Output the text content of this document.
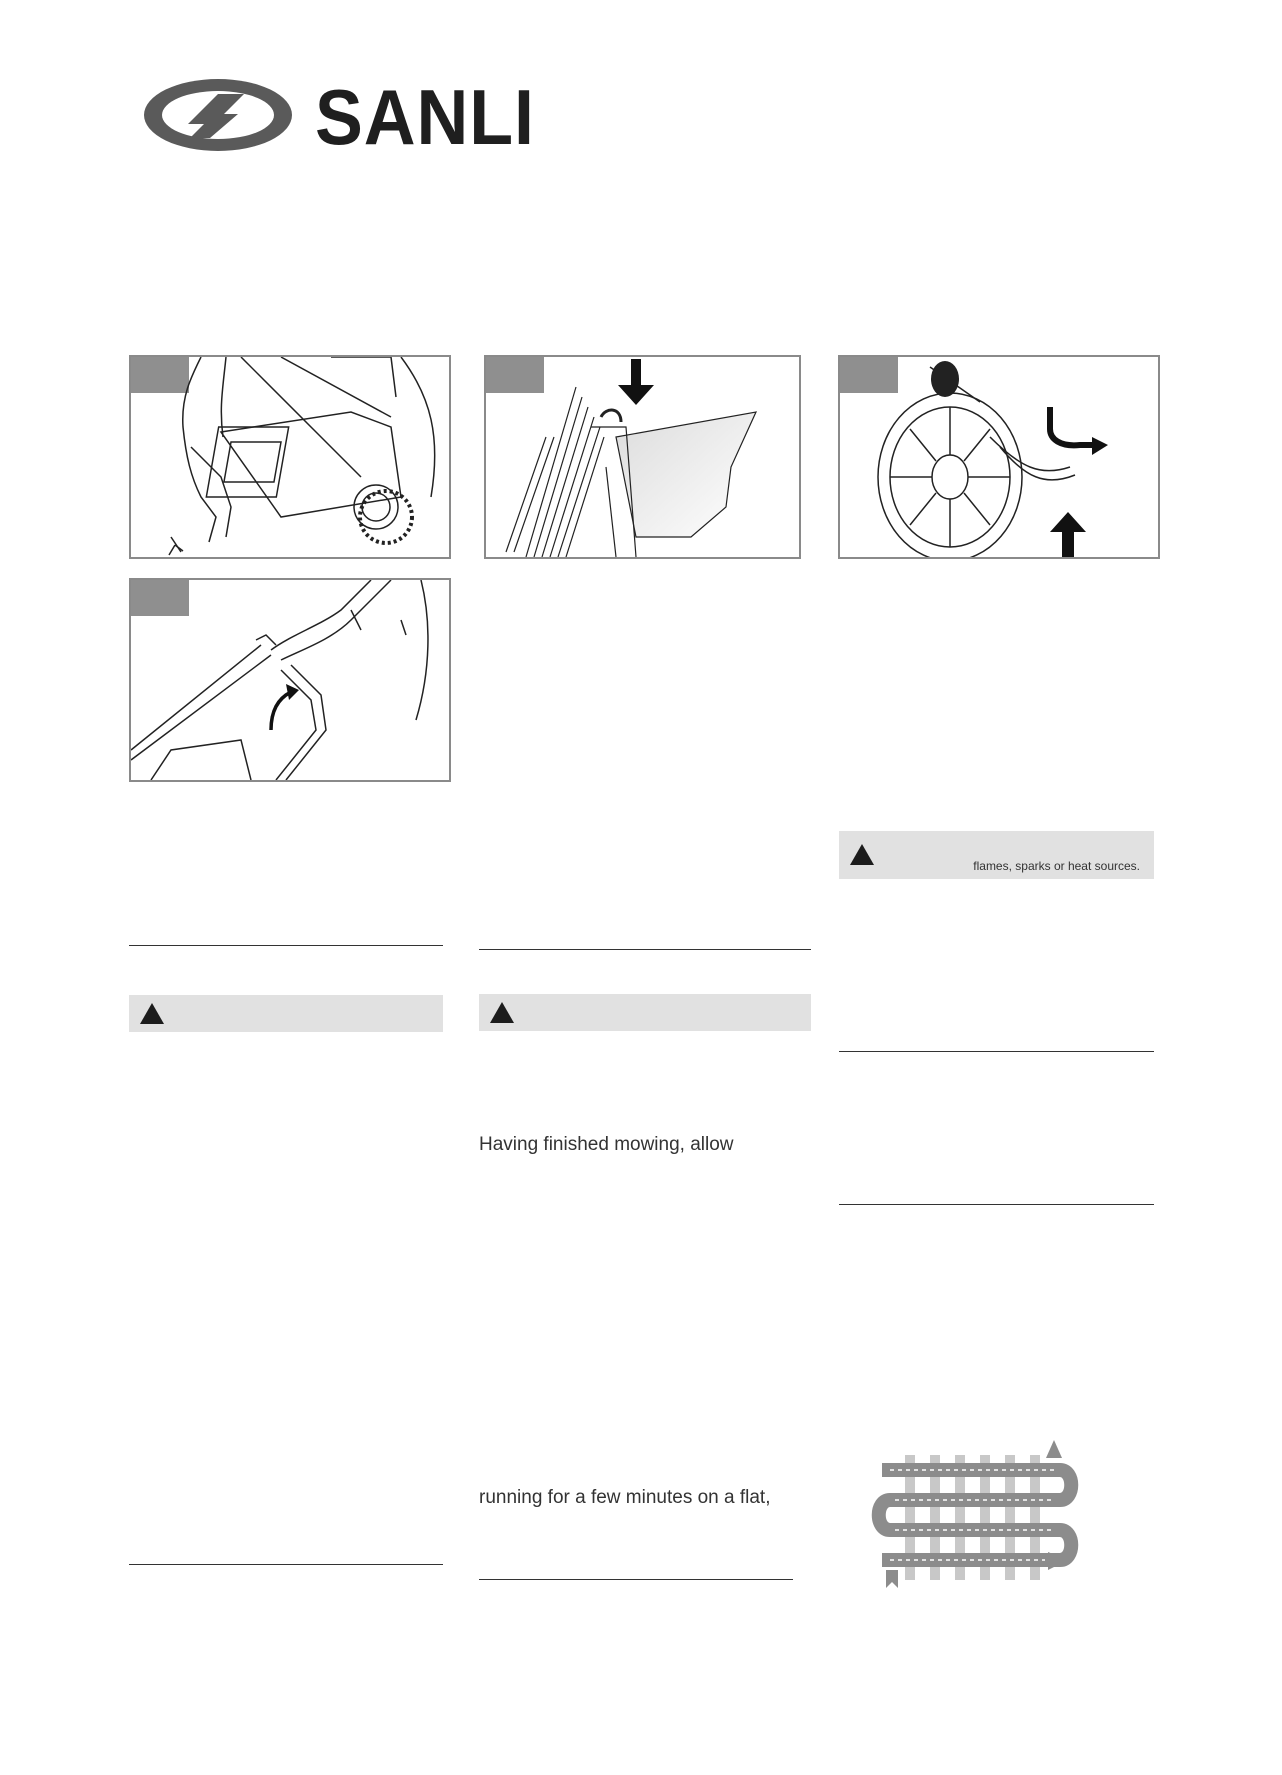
SANLI
Having finished mowing, allow
running for a few minutes on a flat,
flames, sparks or heat sources.
